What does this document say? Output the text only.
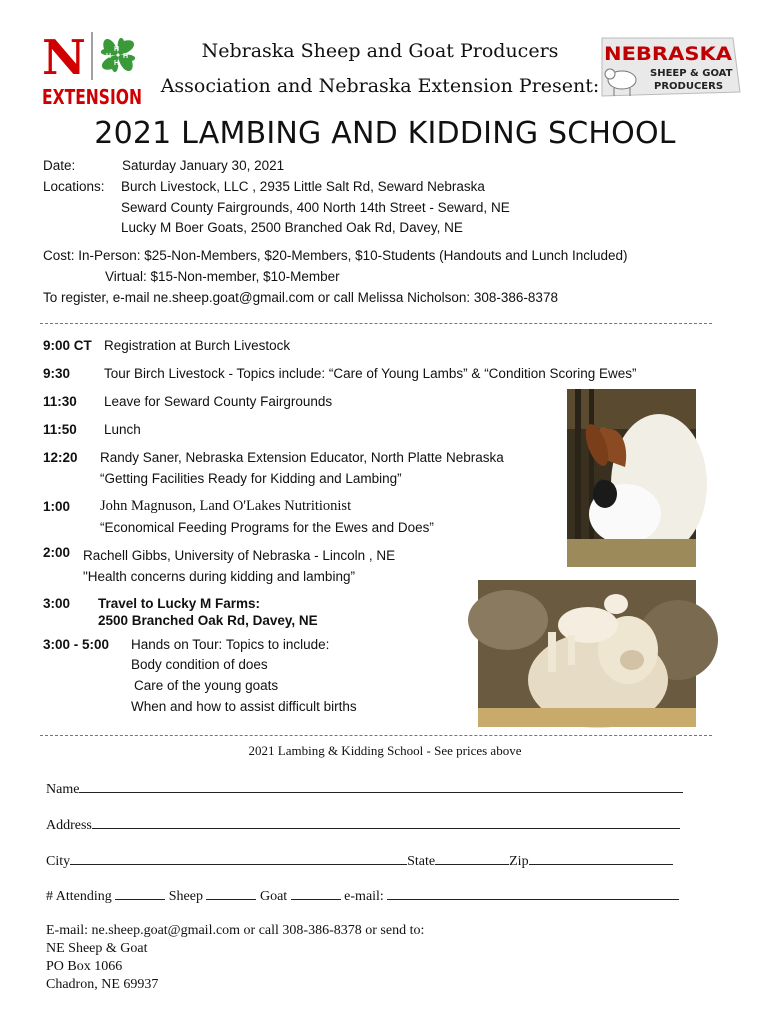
N	H
H
H H
EXTENSION
Nebraska Sheep and Goat Producers
Association and Nebraska Extension Present:
NEBRASKA
SHEEP & GOAT
PRODUCERS
2021 LAMBING AND KIDDING SCHOOL
Date:	Saturday January 30, 2021
Locations: Burch Livestock, LLC , 2935 Little Salt Rd, Seward Nebraska
Seward County Fairgrounds, 400 North 14th Street - Seward, NE
Lucky M Boer Goats, 2500 Branched Oak Rd, Davey, NE
Cost: In-Person: $25-Non-Members, $20-Members, $10-Students (Handouts and Lunch Included)
Virtual: $15-Non-member, $10-Member
To register, e-mail ne.sheep.goat@gmail.com or call Melissa Nicholson: 308-386-8378
9:00 CT Registration at Burch Livestock
9:30	Tour Birch Livestock - Topics include: “Care of Young Lambs” & “Condition Scoring Ewes”
11:30 Leave for Seward County Fairgrounds
11:50 Lunch
12:20 Randy Saner, Nebraska Extension Educator, North Platte Nebraska
“Getting Facilities Ready for Kidding and Lambing”
1:00 John Magnuson, Land O'Lakes Nutritionist
“Economical Feeding Programs for the Ewes and Does”
2:00 Rachell Gibbs, University of Nebraska - Lincoln , NE
"Health concerns during kidding and lambing”
3:00 Travel to Lucky M Farms:
2500 Branched Oak Rd, Davey, NE
3:00 - 5:00 Hands on Tour: Topics to include:
Body condition of does
Care of the young goats
When and how to assist difficult births
2021 Lambing & Kidding School - See prices above
Name
Address
City	State	Zip
# Attending	Sheep	Goat	e-mail:
E-mail: ne.sheep.goat@gmail.com or call 308-386-8378 or send to:
NE Sheep & Goat
PO Box 1066
Chadron, NE 69937
